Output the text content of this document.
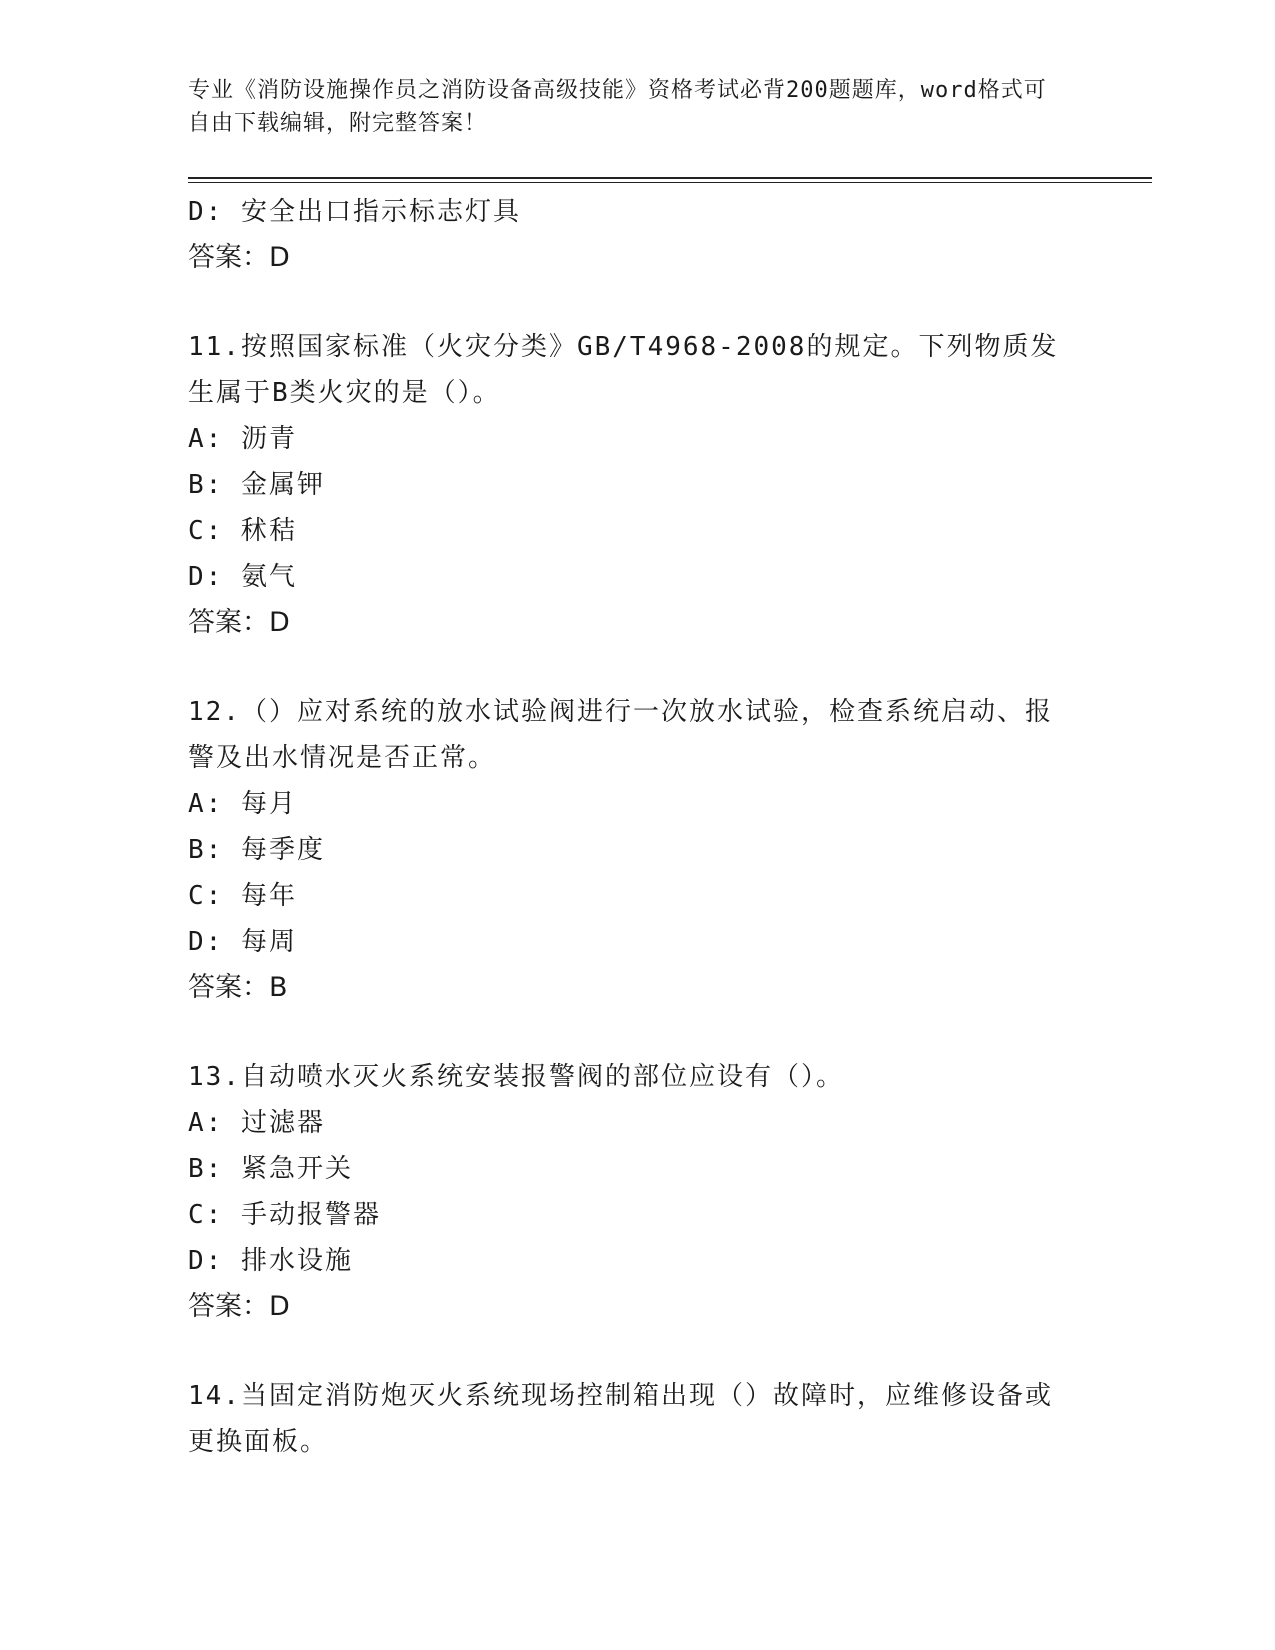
专业《消防设施操作员之消防设备高级技能》资格考试必背200题题库，word格式可自由下载编辑，附完整答案！
D: 安全出口指示标志灯具
答案：D
11.按照国家标准（火灾分类》GB/T4968-2008的规定。下列物质发生属于B类火灾的是（）。
A: 沥青
B: 金属钾
C: 秫秸
D: 氨气
答案：D
12.（）应对系统的放水试验阀进行一次放水试验，检查系统启动、报警及出水情况是否正常。
A: 每月
B: 每季度
C: 每年
D: 每周
答案：B
13.自动喷水灭火系统安装报警阀的部位应设有（）。
A: 过滤器
B: 紧急开关
C: 手动报警器
D: 排水设施
答案：D
14.当固定消防炮灭火系统现场控制箱出现（）故障时，应维修设备或更换面板。
